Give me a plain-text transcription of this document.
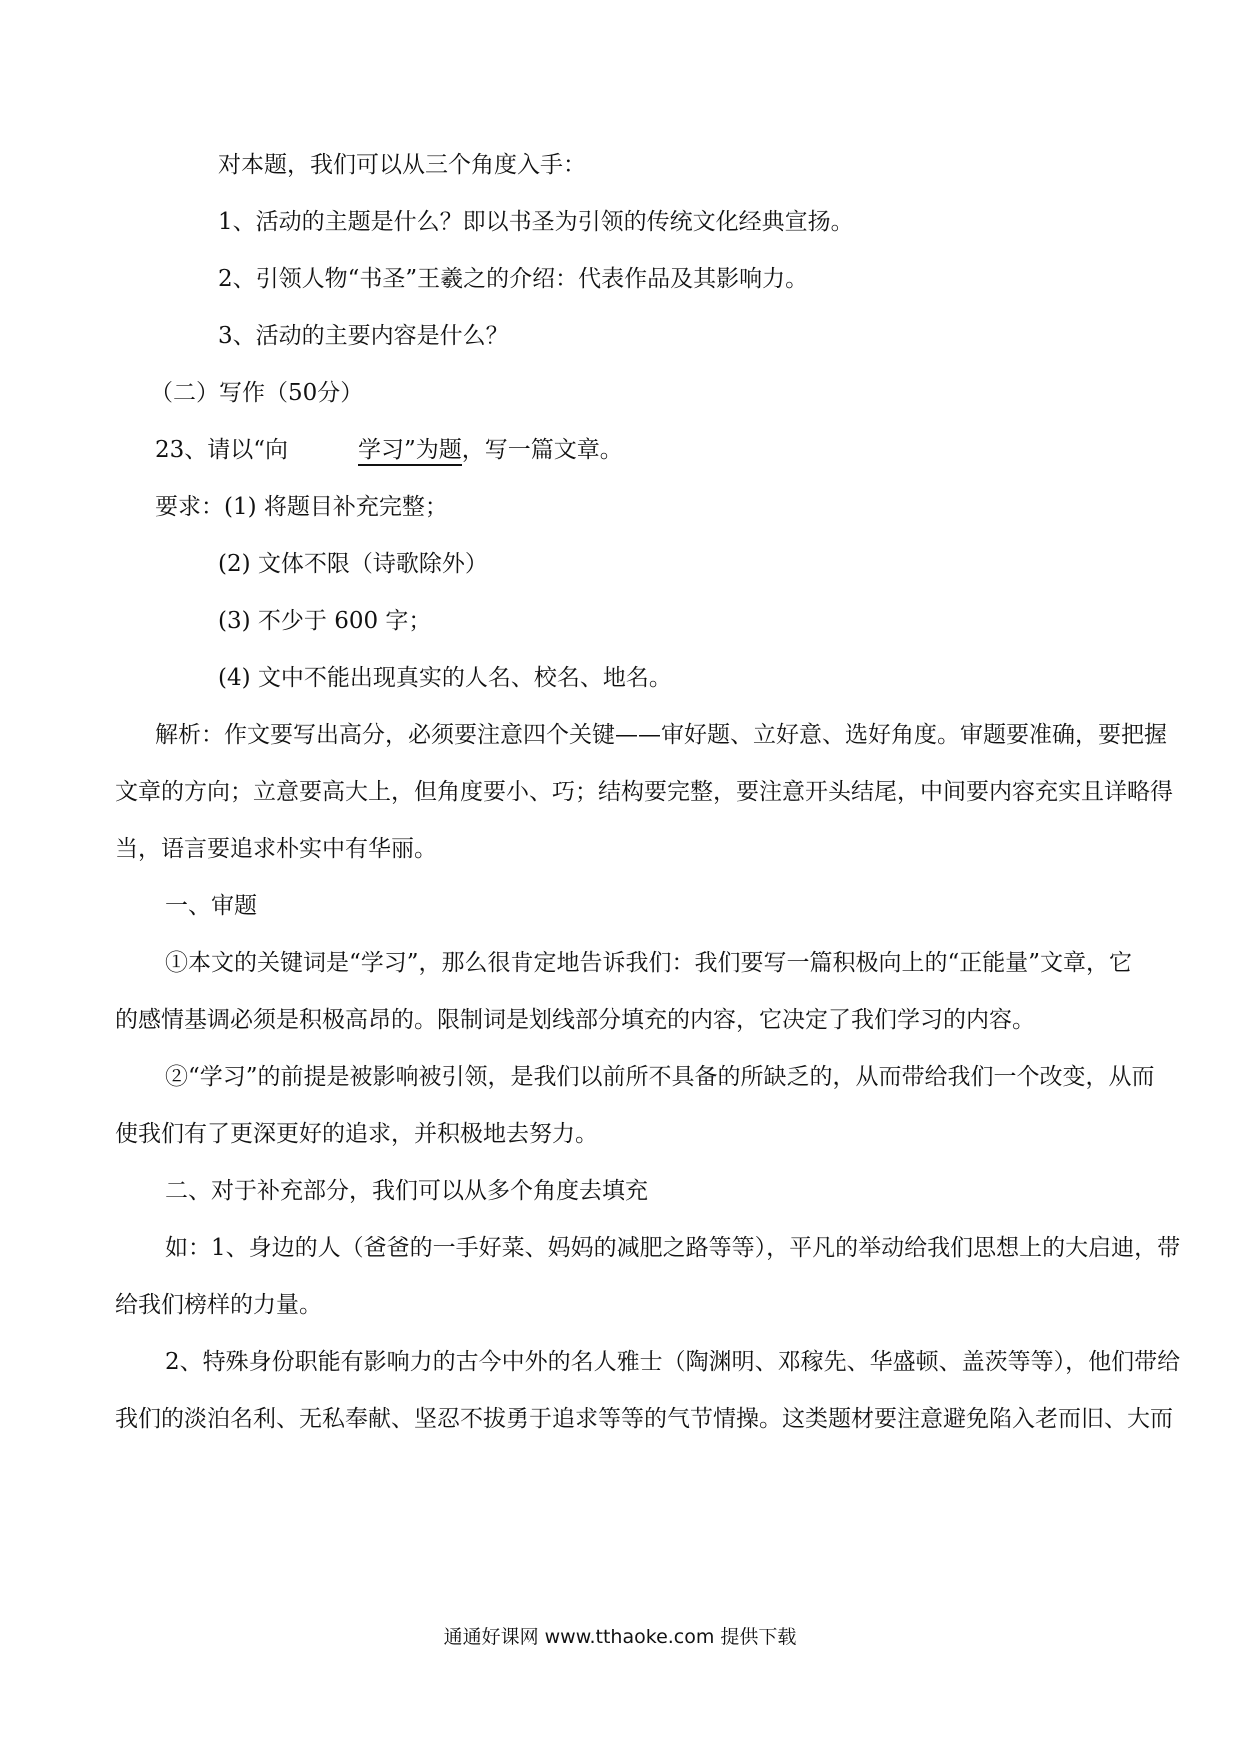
对本题，我们可以从三个角度入手：
1、活动的主题是什么？即以书圣为引领的传统文化经典宣扬。
2、引领人物“书圣”王羲之的介绍：代表作品及其影响力。
3、活动的主要内容是什么？
（二）写作（50分）
23、请以“向	学习”为题，写一篇文章。
要求：(1) 将题目补充完整；
(2) 文体不限（诗歌除外）
(3) 不少于 600 字；
(4) 文中不能出现真实的人名、校名、地名。
解析：作文要写出高分，必须要注意四个关键——审好题、立好意、选好角度。审题要准确，要把握
文章的方向；立意要高大上，但角度要小、巧；结构要完整，要注意开头结尾，中间要内容充实且详略得
当，语言要追求朴实中有华丽。
一、审题
①本文的关键词是“学习”，那么很肯定地告诉我们：我们要写一篇积极向上的“正能量”文章，它
的感情基调必须是积极高昂的。限制词是划线部分填充的内容，它决定了我们学习的内容。
②“学习”的前提是被影响被引领，是我们以前所不具备的所缺乏的，从而带给我们一个改变，从而
使我们有了更深更好的追求，并积极地去努力。
二、对于补充部分，我们可以从多个角度去填充
如：1、身边的人（爸爸的一手好菜、妈妈的减肥之路等等），平凡的举动给我们思想上的大启迪，带
给我们榜样的力量。
2、特殊身份职能有影响力的古今中外的名人雅士（陶渊明、邓稼先、华盛顿、盖茨等等），他们带给
我们的淡泊名利、无私奉献、坚忍不拔勇于追求等等的气节情操。这类题材要注意避免陷入老而旧、大而
通通好课网 www.tthaoke.com 提供下载
